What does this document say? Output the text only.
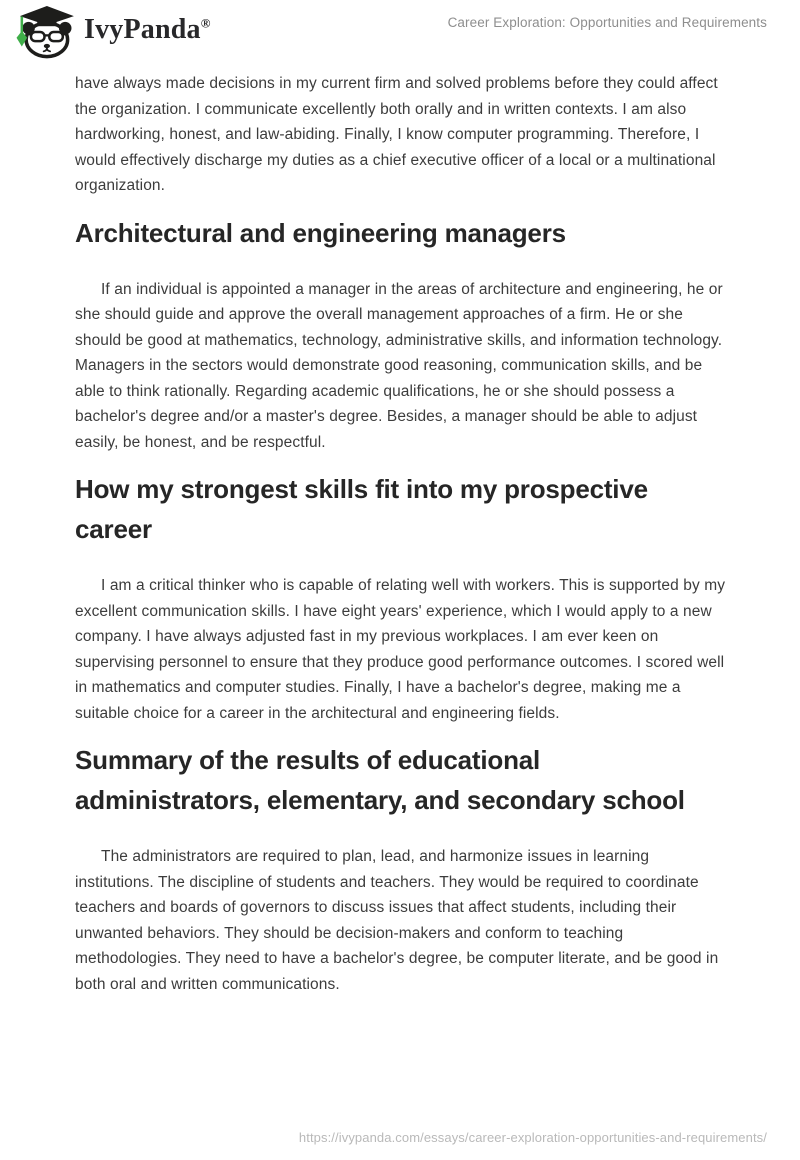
IvyPanda®	Career Exploration: Opportunities and Requirements

have always made decisions in my current firm and solved problems before they could affect the organization. I communicate excellently both orally and in written contexts. I am also hardworking, honest, and law-abiding. Finally, I know computer programming. Therefore, I would effectively discharge my duties as a chief executive officer of a local or a multinational organization.

Architectural and engineering managers

If an individual is appointed a manager in the areas of architecture and engineering, he or she should guide and approve the overall management approaches of a firm. He or she should be good at mathematics, technology, administrative skills, and information technology. Managers in the sectors would demonstrate good reasoning, communication skills, and be able to think rationally. Regarding academic qualifications, he or she should possess a bachelor's degree and/or a master's degree. Besides, a manager should be able to adjust easily, be honest, and be respectful.

How my strongest skills fit into my prospective career

I am a critical thinker who is capable of relating well with workers. This is supported by my excellent communication skills. I have eight years' experience, which I would apply to a new company. I have always adjusted fast in my previous workplaces. I am ever keen on supervising personnel to ensure that they produce good performance outcomes. I scored well in mathematics and computer studies. Finally, I have a bachelor's degree, making me a suitable choice for a career in the architectural and engineering fields.

Summary of the results of educational administrators, elementary, and secondary school

The administrators are required to plan, lead, and harmonize issues in learning institutions. The discipline of students and teachers. They would be required to coordinate teachers and boards of governors to discuss issues that affect students, including their unwanted behaviors. They should be decision-makers and conform to teaching methodologies. They need to have a bachelor's degree, be computer literate, and be good in both oral and written communications.

https://ivypanda.com/essays/career-exploration-opportunities-and-requirements/
